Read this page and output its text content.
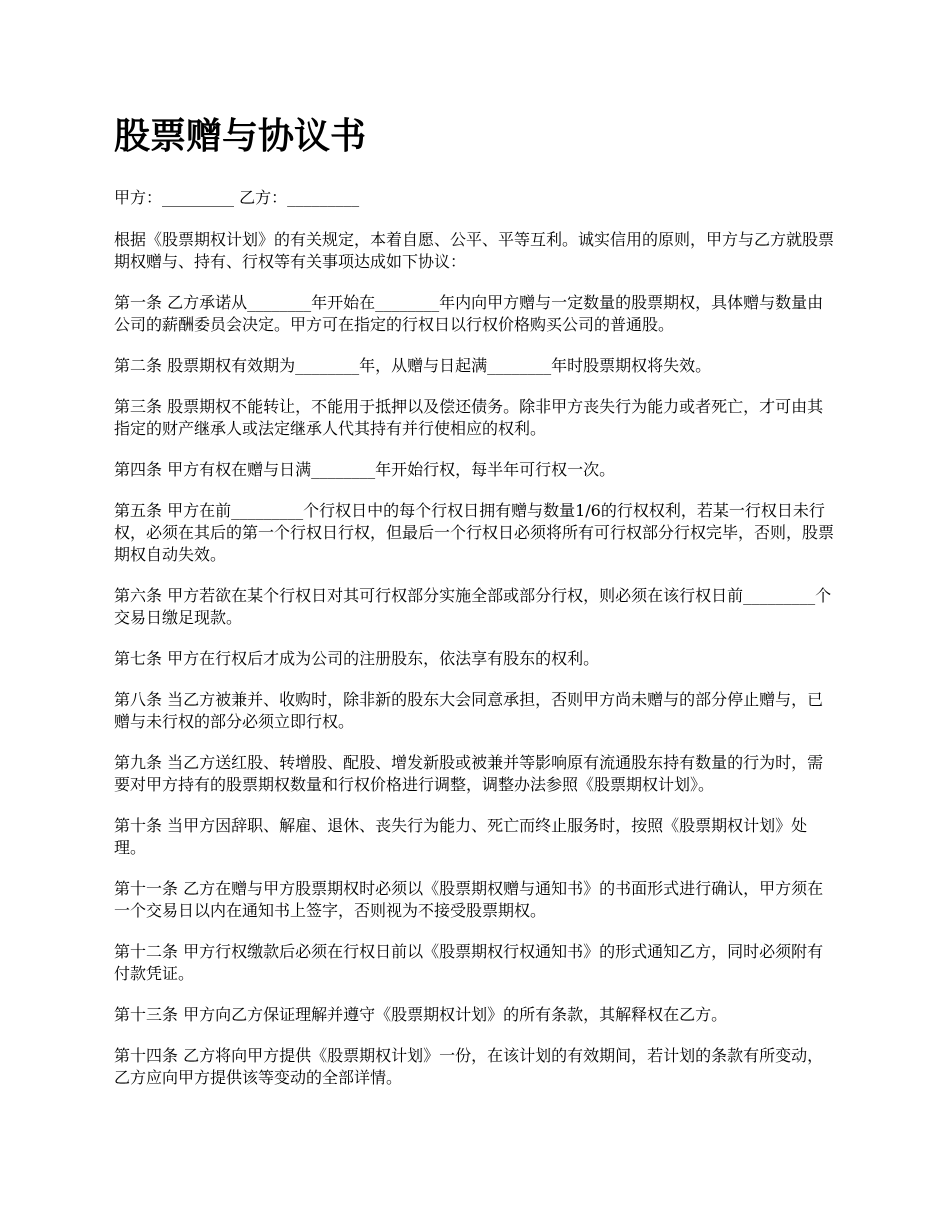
股票赠与协议书

甲方：_________ 乙方：_________

根据《股票期权计划》的有关规定，本着自愿、公平、平等互利。诚实信用的原则，甲方与乙方就股票期权赠与、持有、行权等有关事项达成如下协议：

第一条 乙方承诺从________年开始在________年内向甲方赠与一定数量的股票期权，具体赠与数量由公司的薪酬委员会决定。甲方可在指定的行权日以行权价格购买公司的普通股。

第二条 股票期权有效期为________年，从赠与日起满________年时股票期权将失效。

第三条 股票期权不能转让，不能用于抵押以及偿还债务。除非甲方丧失行为能力或者死亡，才可由其指定的财产继承人或法定继承人代其持有并行使相应的权利。

第四条 甲方有权在赠与日满________年开始行权，每半年可行权一次。

第五条 甲方在前_________个行权日中的每个行权日拥有赠与数量1/6的行权权利，若某一行权日未行权，必须在其后的第一个行权日行权，但最后一个行权日必须将所有可行权部分行权完毕，否则，股票期权自动失效。

第六条 甲方若欲在某个行权日对其可行权部分实施全部或部分行权，则必须在该行权日前_________个交易日缴足现款。

第七条 甲方在行权后才成为公司的注册股东，依法享有股东的权利。

第八条 当乙方被兼并、收购时，除非新的股东大会同意承担，否则甲方尚未赠与的部分停止赠与，已赠与未行权的部分必须立即行权。

第九条 当乙方送红股、转增股、配股、增发新股或被兼并等影响原有流通股东持有数量的行为时，需要对甲方持有的股票期权数量和行权价格进行调整，调整办法参照《股票期权计划》。

第十条 当甲方因辞职、解雇、退休、丧失行为能力、死亡而终止服务时，按照《股票期权计划》处理。

第十一条 乙方在赠与甲方股票期权时必须以《股票期权赠与通知书》的书面形式进行确认，甲方须在一个交易日以内在通知书上签字，否则视为不接受股票期权。

第十二条 甲方行权缴款后必须在行权日前以《股票期权行权通知书》的形式通知乙方，同时必须附有付款凭证。

第十三条 甲方向乙方保证理解并遵守《股票期权计划》的所有条款，其解释权在乙方。

第十四条 乙方将向甲方提供《股票期权计划》一份，在该计划的有效期间，若计划的条款有所变动，乙方应向甲方提供该等变动的全部详情。
